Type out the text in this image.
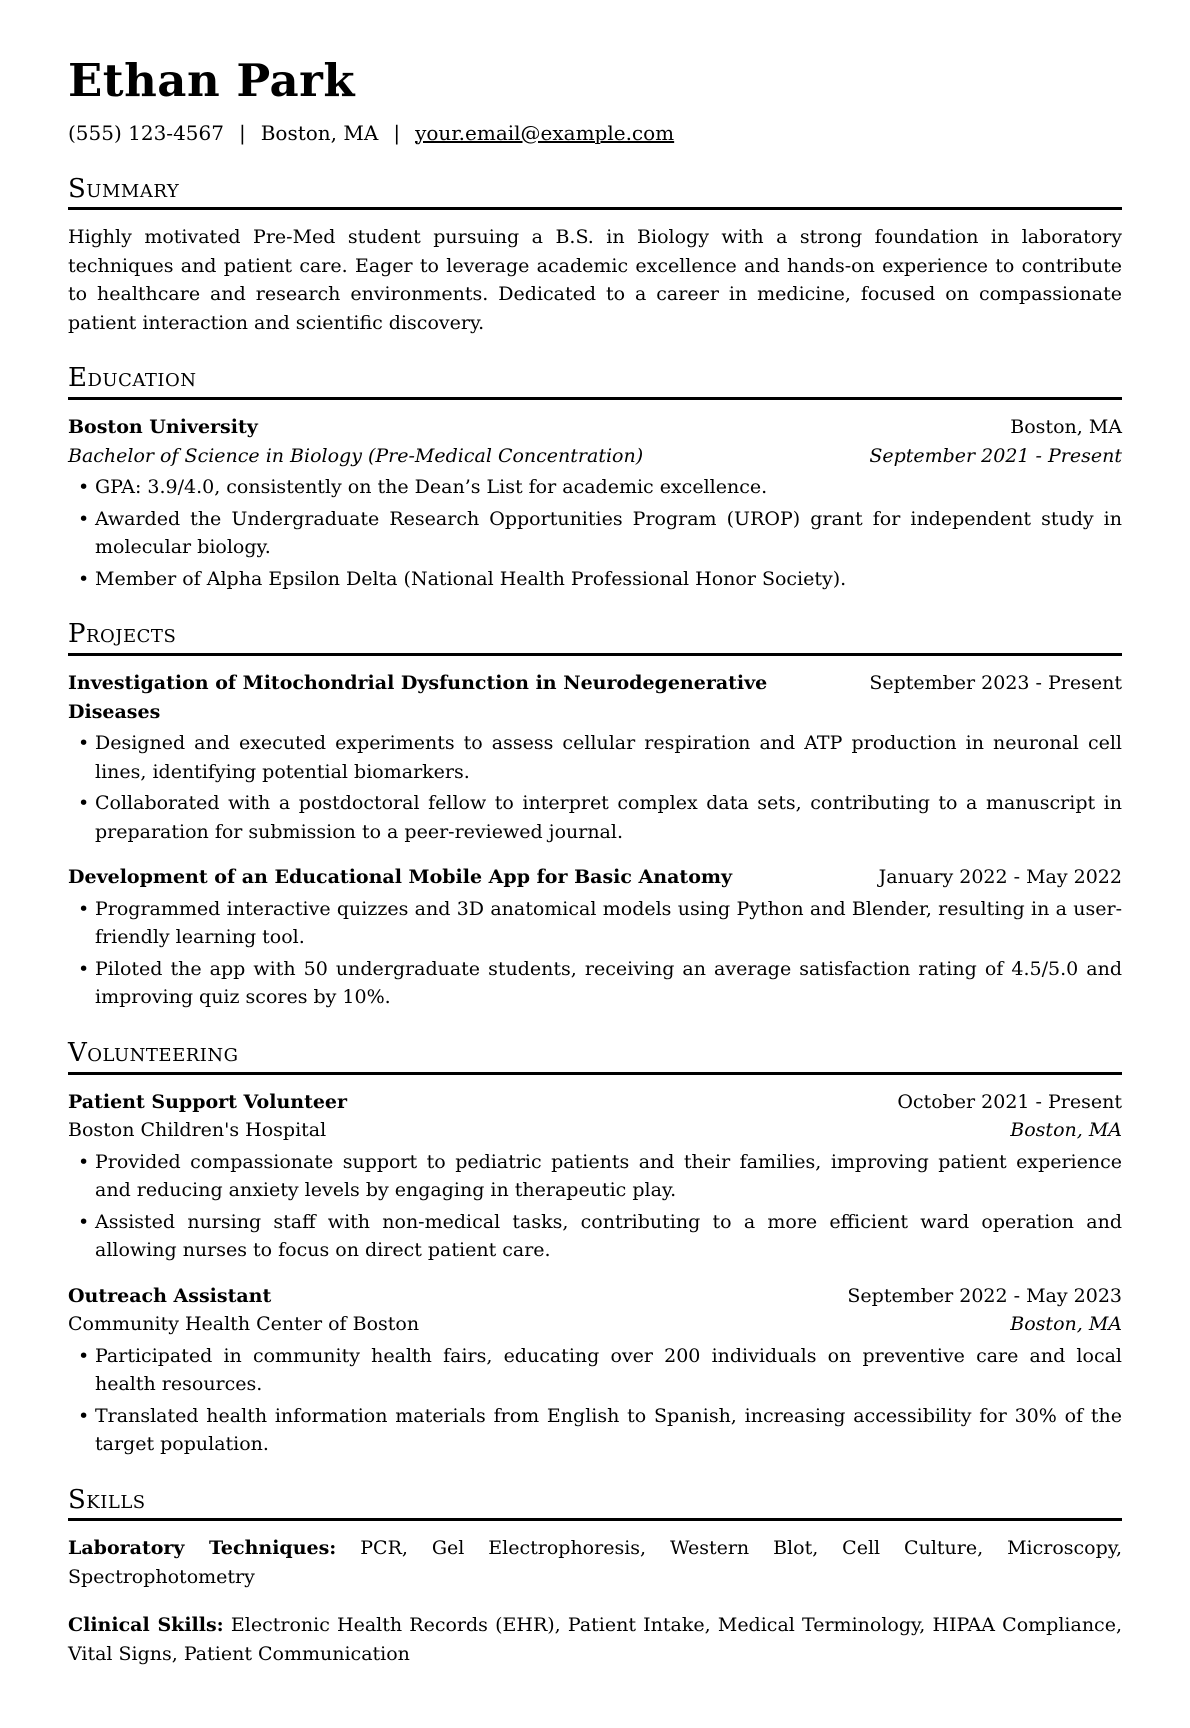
Ethan Park
(555) 123-4567 | Boston, MA | your.email@example.com
Summary

Highly motivated Pre-Med student pursuing a B.S. in Biology with a strong foundation in laboratory techniques and patient care. Eager to leverage academic excellence and hands-on experience to contribute to healthcare and research environments. Dedicated to a career in medicine, focused on compassionate patient interaction and scientific discovery.

Education
Boston University	Boston, MA
Bachelor of Science in Biology (Pre-Medical Concentration)	September 2021 - Present
• GPA: 3.9/4.0, consistently on the Dean’s List for academic excellence.
• Awarded the Undergraduate Research Opportunities Program (UROP) grant for independent study in molecular biology.
• Member of Alpha Epsilon Delta (National Health Professional Honor Society).
Projects
Investigation of Mitochondrial Dysfunction in Neurodegenerative Diseases
September 2023 - Present
• Designed and executed experiments to assess cellular respiration and ATP production in neuronal cell lines, identifying potential biomarkers.
• Collaborated with a postdoctoral fellow to interpret complex data sets, contributing to a manuscript in preparation for submission to a peer-reviewed journal.
Development of an Educational Mobile App for Basic Anatomy	January 2022 - May 2022
• Programmed interactive quizzes and 3D anatomical models using Python and Blender, resulting in a user-friendly learning tool.
• Piloted the app with 50 undergraduate students, receiving an average satisfaction rating of 4.5/5.0 and improving quiz scores by 10%.
Volunteering
Patient Support Volunteer	October 2021 - Present
Boston Children's Hospital	Boston, MA
• Provided compassionate support to pediatric patients and their families, improving patient experience and reducing anxiety levels by engaging in therapeutic play.
• Assisted nursing staff with non-medical tasks, contributing to a more efficient ward operation and allowing nurses to focus on direct patient care.
Outreach Assistant	September 2022 - May 2023
Community Health Center of Boston	Boston, MA
• Participated in community health fairs, educating over 200 individuals on preventive care and local health resources.
• Translated health information materials from English to Spanish, increasing accessibility for 30% of the target population.
Skills

Laboratory Techniques: PCR, Gel Electrophoresis, Western Blot, Cell Culture, Microscopy, Spectrophotometry

Clinical Skills: Electronic Health Records (EHR), Patient Intake, Medical Terminology, HIPAA Compliance, Vital Signs, Patient Communication
